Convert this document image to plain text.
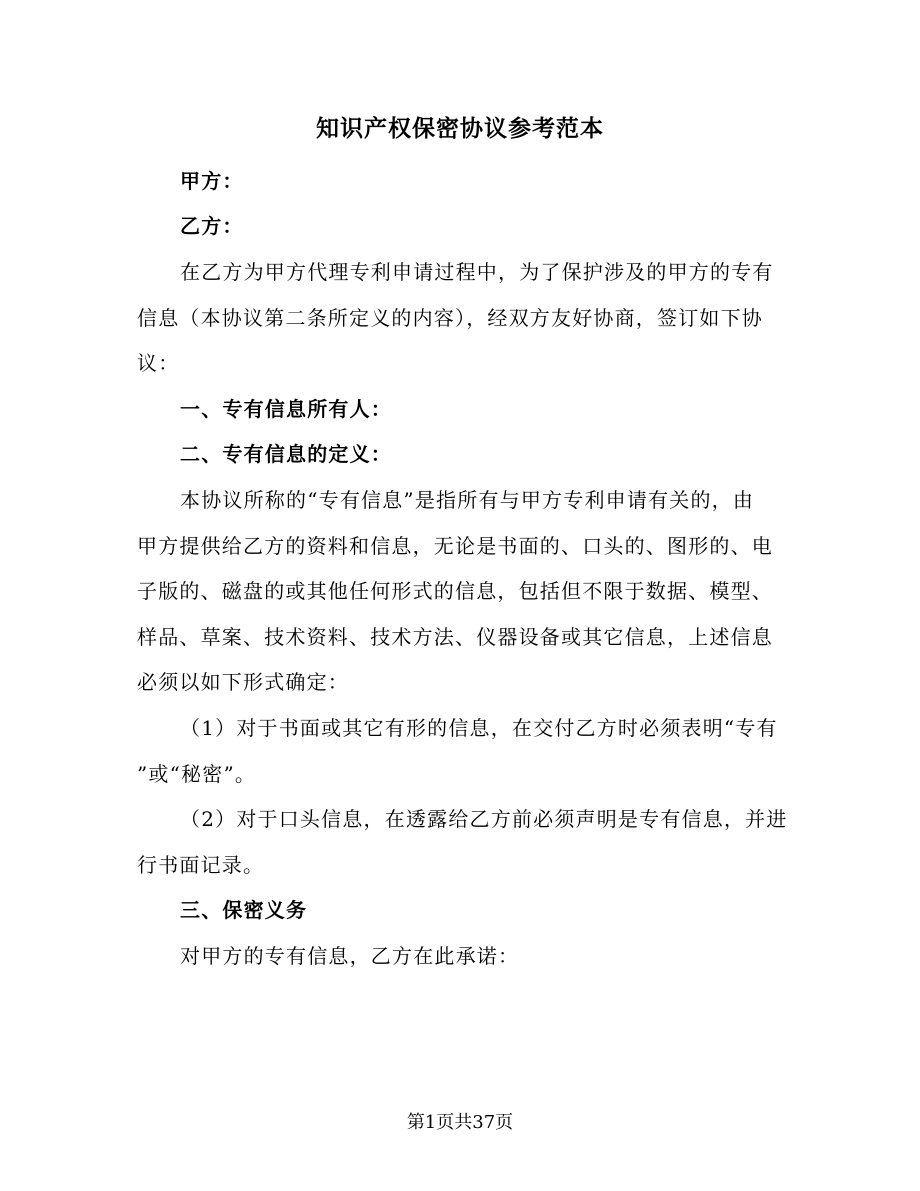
知识产权保密协议参考范本
甲方：
乙方：
在乙方为甲方代理专利申请过程中，为了保护涉及的甲方的专有
信息（本协议第二条所定义的内容），经双方友好协商，签订如下协
议：
一、专有信息所有人：
二、专有信息的定义：
本协议所称的“专有信息”是指所有与甲方专利申请有关的，由
甲方提供给乙方的资料和信息，无论是书面的、口头的、图形的、电
子版的、磁盘的或其他任何形式的信息，包括但不限于数据、模型、
样品、草案、技术资料、技术方法、仪器设备或其它信息，上述信息
必须以如下形式确定：
（1）对于书面或其它有形的信息，在交付乙方时必须表明“专有
”或“秘密”。
（2）对于口头信息，在透露给乙方前必须声明是专有信息，并进
行书面记录。
三、保密义务
对甲方的专有信息，乙方在此承诺：
第1页共37页
